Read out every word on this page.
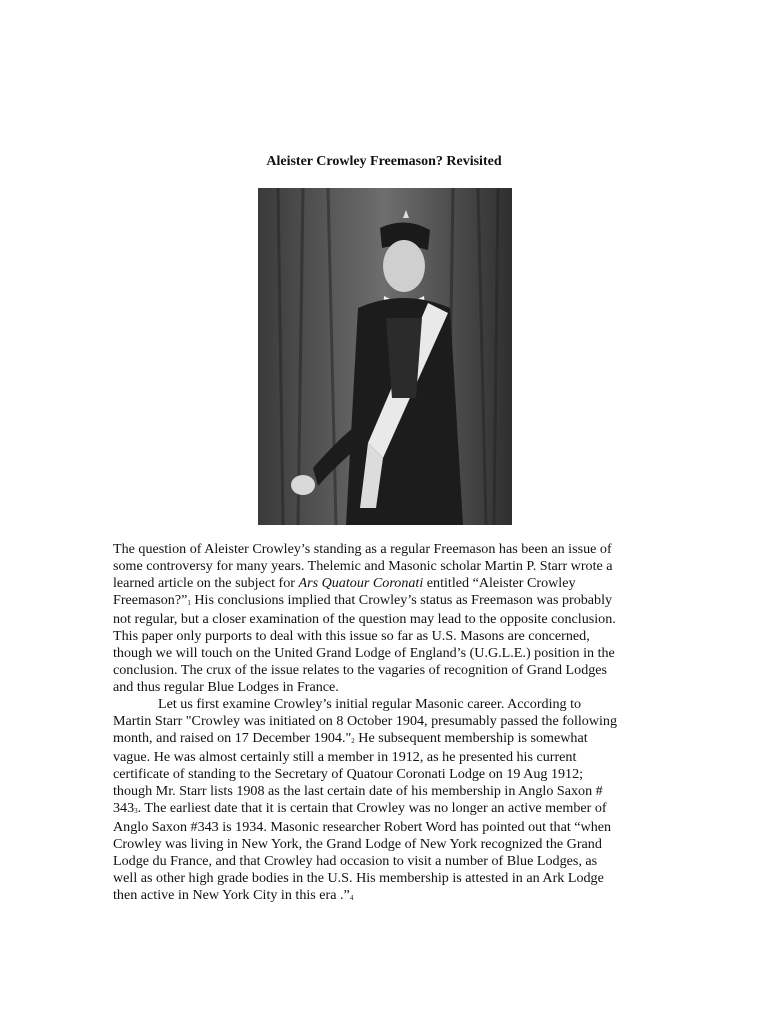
Aleister Crowley Freemason? Revisited

The question of Aleister Crowley’s standing as a regular Freemason has been an issue of
some controversy for many years. Thelemic and Masonic scholar Martin P. Starr wrote a
learned article on the subject for Ars Quatour Coronati entitled “Aleister Crowley
Freemason?”$^1$ His conclusions implied that Crowley’s status as Freemason was probably
not regular, but a closer examination of the question may lead to the opposite conclusion.
This paper only purports to deal with this issue so far as U.S. Masons are concerned,
though we will touch on the United Grand Lodge of England’s (U.G.L.E.) position in the
conclusion. The crux of the issue relates to the vagaries of recognition of Grand Lodges
and thus regular Blue Lodges in France.

Let us first examine Crowley’s initial regular Masonic career. According to
Martin Starr "Crowley was initiated on 8 October 1904, presumably passed the following
month, and raised on 17 December 1904."$^2$ He subsequent membership is somewhat
vague. He was almost certainly still a member in 1912, as he presented his current
certificate of standing to the Secretary of Quatour Coronati Lodge on 19 Aug 1912;
though Mr. Starr lists 1908 as the last certain date of his membership in Anglo Saxon #
343$^3$. The earliest date that it is certain that Crowley was no longer an active member of
Anglo Saxon #343 is 1934. Masonic researcher Robert Word has pointed out that “when
Crowley was living in New York, the Grand Lodge of New York recognized the Grand
Lodge du France, and that Crowley had occasion to visit a number of Blue Lodges, as
well as other high grade bodies in the U.S. His membership is attested in an Ark Lodge
then active in New York City in this era .”$^4$
